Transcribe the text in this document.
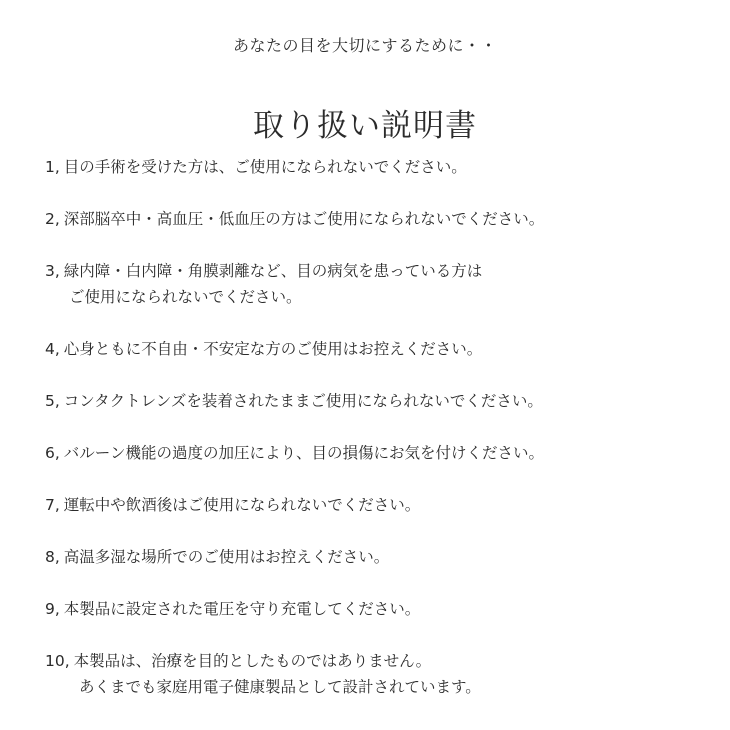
あなたの目を大切にするために・・
取り扱い説明書
1, 目の手術を受けた方は、ご使用になられないでください。
2, 深部脳卒中・高血圧・低血圧の方はご使用になられないでください。
3, 緑内障・白内障・角膜剥離など、目の病気を患っている方は
ご使用になられないでください。
4, 心身ともに不自由・不安定な方のご使用はお控えください。
5, コンタクトレンズを装着されたままご使用になられないでください。
6, バルーン機能の過度の加圧により、目の損傷にお気を付けください。
7, 運転中や飲酒後はご使用になられないでください。
8, 高温多湿な場所でのご使用はお控えください。
9, 本製品に設定された電圧を守り充電してください。
10, 本製品は、治療を目的としたものではありません。
あくまでも家庭用電子健康製品として設計されています。
